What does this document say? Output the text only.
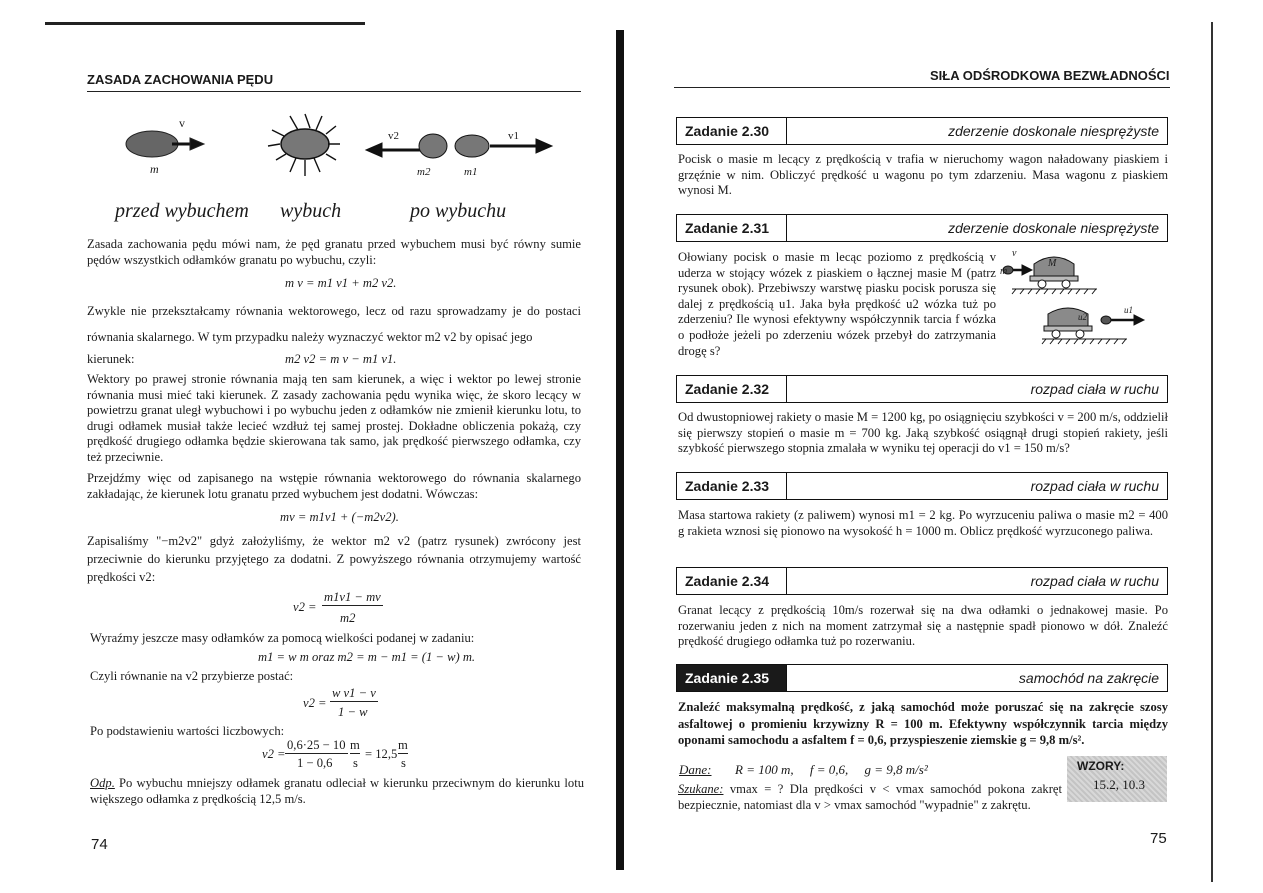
ZASADA ZACHOWANIA PĘDU
v
m
v2	v1
m2	m1
przed wybuchem wybuch	po wybuchu

Zasada zachowania pędu mówi nam, że pęd granatu przed wybuchem musi być równy sumie pędów wszystkich odłamków granatu po wybuchu, czyli:

m v = m1 v1 + m2 v2.

Zwykle nie przekształcamy równania wektorowego, lecz od razu sprowadzamy je do postaci równania skalarnego. W tym przypadku należy wyznaczyć wektor m2 v2 by opisać jego

kierunek:	m2 v2 = m v − m1 v1.

Wektory po prawej stronie równania mają ten sam kierunek, a więc i wektor po lewej stronie równania musi mieć taki kierunek. Z zasady zachowania pędu wynika więc, że skoro lecący w powietrzu granat uległ wybuchowi i po wybuchu jeden z odłamków nie zmienił kierunku lotu, to drugi odłamek musiał także lecieć wzdłuż tej samej prostej. Dokładne obliczenia pokażą, czy prędkość drugiego odłamka będzie skierowana tak samo, jak prędkość pierwszego odłamka, czy też przeciwnie.

Przejdźmy więc od zapisanego na wstępie równania wektorowego do równania skalarnego zakładając, że kierunek lotu granatu przed wybuchem jest dodatni. Wówczas:

mv = m1v1 + (−m2v2).

Zapisaliśmy "−m2v2" gdyż założyliśmy, że wektor m2 v2 (patrz rysunek) zwrócony jest przeciwnie do kierunku przyjętego za dodatni. Z powyższego równania otrzymujemy wartość prędkości v2:

v2 =
m1v1 − mv
m2

Wyraźmy jeszcze masy odłamków za pomocą wielkości podanej w zadaniu:

m1 = w m oraz m2 = m − m1 = (1 − w) m.

Czyli równanie na v2 przybierze postać:

v2 =
w v1 − v
1 − w

Po podstawieniu wartości liczbowych:

v2 =
0,6·25 − 10
1 − 0,6
m
s
= 12,5
m
s

Odp. Po wybuchu mniejszy odłamek granatu odleciał w kierunku przeciwnym do kierunku lotu większego odłamka z prędkością 12,5 m/s.

74
SIŁA ODŚRODKOWA BEZWŁADNOŚCI
Zadanie 2.30	zderzenie doskonale niesprężyste

Pocisk o masie m lecący z prędkością v trafia w nieruchomy wagon naładowany piaskiem i grzęźnie w nim. Obliczyć prędkość u wagonu po tym zdarzeniu. Masa wagonu z piaskiem wynosi M.

Zadanie 2.31	zderzenie doskonale niesprężyste

Ołowiany pocisk o masie m lecąc poziomo z prędkością v uderza w stojący wózek z piaskiem o łącznej masie M (patrz rysunek obok). Przebiwszy warstwę piasku pocisk porusza się dalej z prędkością u1. Jaka była prędkość u2 wózka tuż po zderzeniu? Ile wynosi efektywny współczynnik tarcia f wózka o podłoże jeżeli po zderzeniu wózek przebył do zatrzymania drogę s?

v
m
M
u2
u1
Zadanie 2.32	rozpad ciała w ruchu

Od dwustopniowej rakiety o masie M = 1200 kg, po osiągnięciu szybkości v = 200 m/s, oddzielił się pierwszy stopień o masie m = 700 kg. Jaką szybkość osiągnął drugi stopień rakiety, jeśli szybkość pierwszego stopnia zmalała w wyniku tej operacji do v1 = 150 m/s?

Zadanie 2.33	rozpad ciała w ruchu

Masa startowa rakiety (z paliwem) wynosi m1 = 2 kg. Po wyrzuceniu paliwa o masie m2 = 400 g rakieta wznosi się pionowo na wysokość h = 1000 m. Oblicz prędkość wyrzuconego paliwa.

Zadanie 2.34	rozpad ciała w ruchu

Granat lecący z prędkością 10m/s rozerwał się na dwa odłamki o jednakowej masie. Po rozerwaniu jeden z nich na moment zatrzymał się a następnie spadł pionowo w dół. Znaleźć prędkość drugiego odłamka tuż po rozerwaniu.

Zadanie 2.35	samochód na zakręcie

Znaleźć maksymalną prędkość, z jaką samochód może poruszać się na zakręcie szosy asfaltowej o promieniu krzywizny R = 100 m. Efektywny współczynnik tarcia między oponami samochodu a asfaltem f = 0,6, przyspieszenie ziemskie g = 9,8 m/s².

Dane: R = 100 m,     f = 0,6,     g = 9,8 m/s²

Szukane: vmax = ? Dla prędkości v < vmax samochód pokona zakręt bezpiecznie, natomiast dla v > vmax samochód "wypadnie" z zakrętu.

WZORY:
15.2, 10.3
75
